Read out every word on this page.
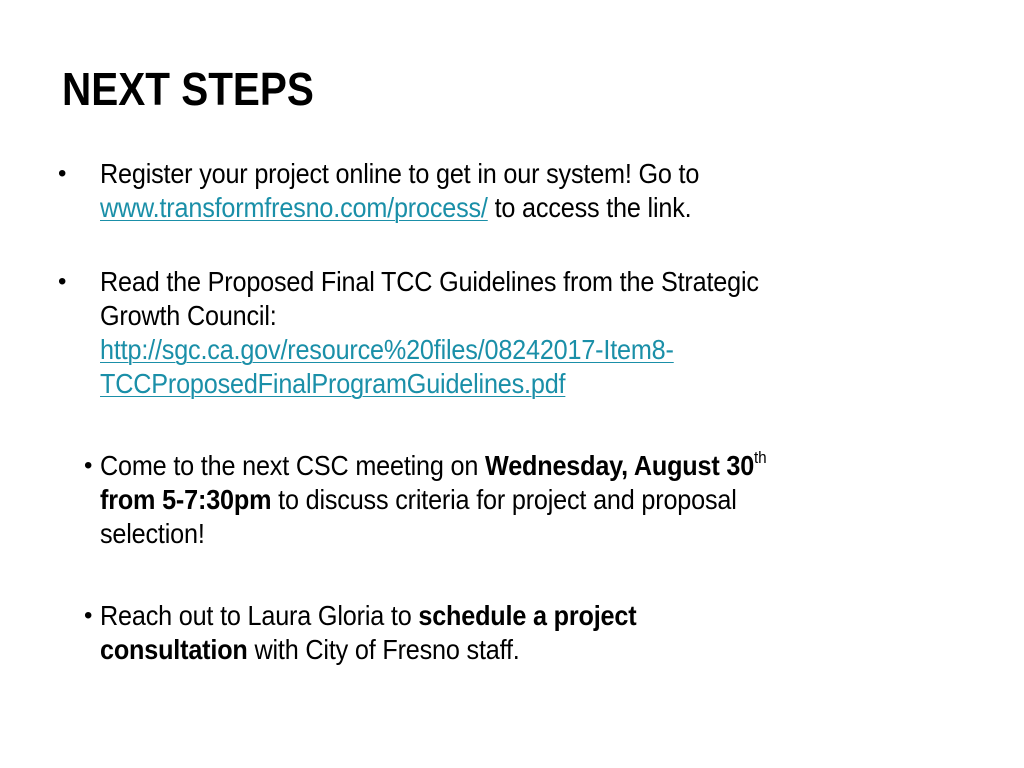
NEXT STEPS
• Register your project online to get in our system! Go to
www.transformfresno.com/process/ to access the link.
• Read the Proposed Final TCC Guidelines from the Strategic
Growth Council:
http://sgc.ca.gov/resource%20files/08242017-Item8-
TCCProposedFinalProgramGuidelines.pdf
• Come to the next CSC meeting on Wednesday, August 30th
from 5-7:30pm to discuss criteria for project and proposal
selection!
• Reach out to Laura Gloria to schedule a project
consultation with City of Fresno staff.
